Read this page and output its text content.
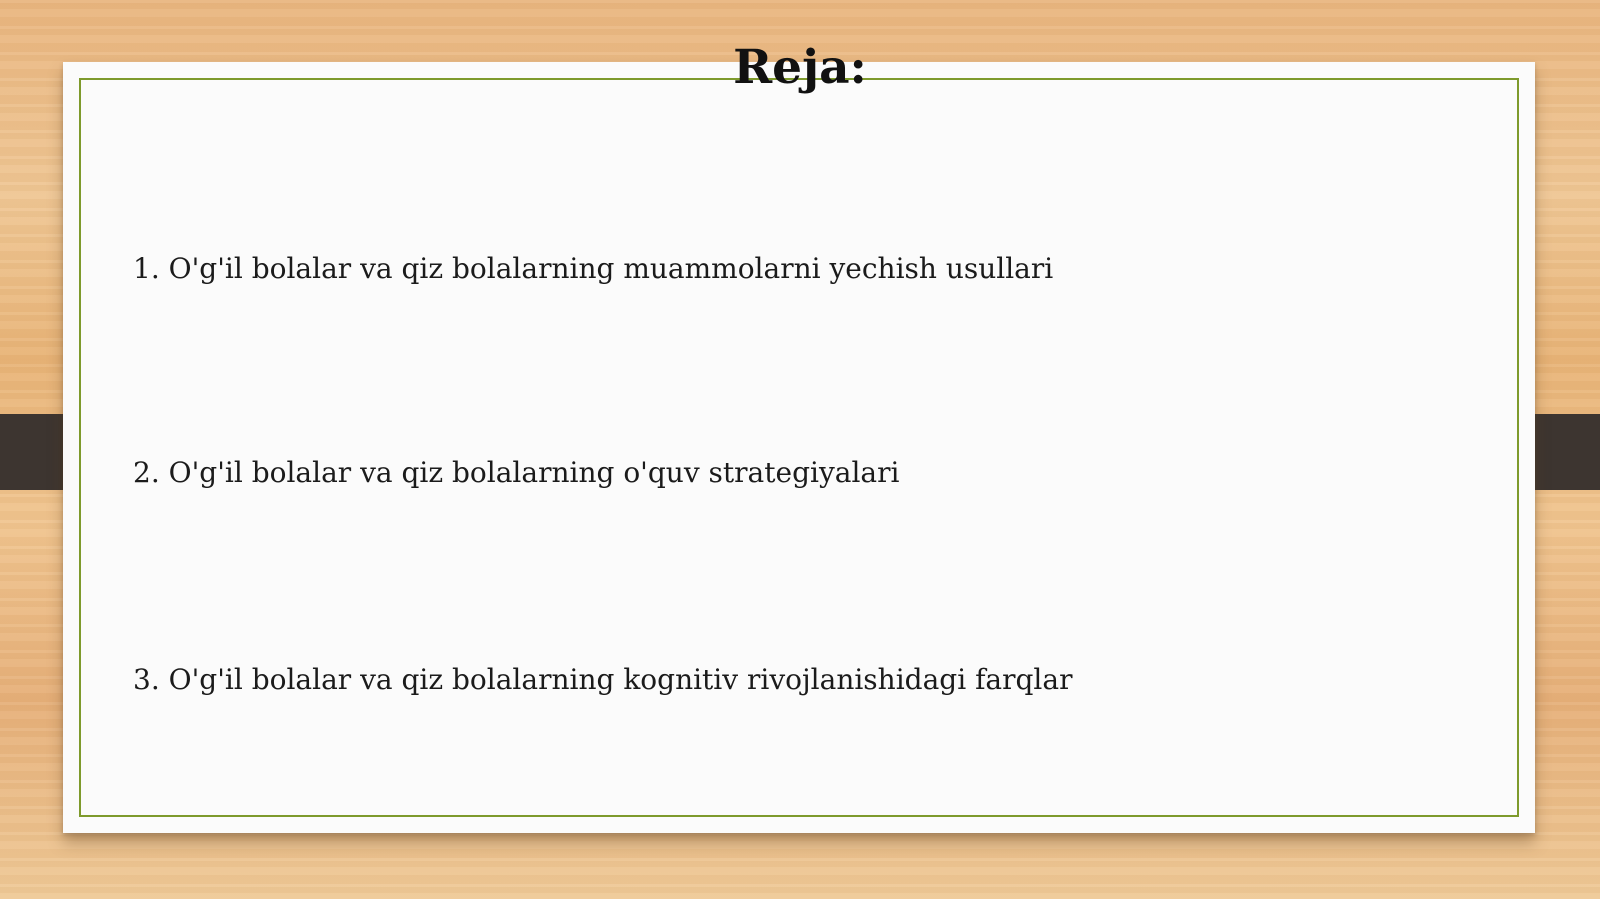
Reja:
1. O'g'il bolalar va qiz bolalarning muammolarni yechish usullari
2. O'g'il bolalar va qiz bolalarning o'quv strategiyalari
3. O'g'il bolalar va qiz bolalarning kognitiv rivojlanishidagi farqlar
